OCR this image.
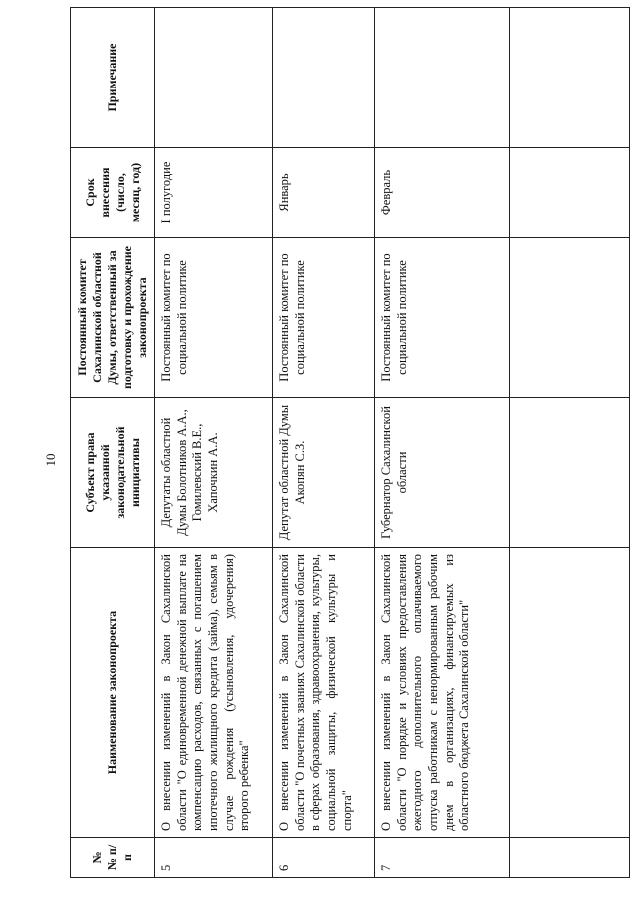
10
№ № п/п	Наименование законопроекта	Субъект права указанной законодательной инициативы	Постоянный комитет Сахалинской областной Думы, ответственный за подготовку и прохождение законопроекта	Срок внесения (число, месяц, год)	Примечание
5	О внесении изменений в Закон Сахалинской области "О единовременной денежной выплате на компенсацию расходов, связанных с погашением ипотечного жилищного кредита (займа), семьям в случае рождения (усыновления, удочерения) второго ребенка"	Депутаты областной Думы Болотников А.А., Гомилевский В.Е., Хапочкин А.А.	Постоянный комитет по социальной политике	I полугодие	
6	О внесении изменений в Закон Сахалинской области "О почетных званиях Сахалинской области в сферах образования, здравоохранения, культуры, социальной защиты, физической культуры и спорта"	Депутат областной Думы Акопян С.З.	Постоянный комитет по социальной политике	Январь	
7	О внесении изменений в Закон Сахалинской области "О порядке и условиях предоставления ежегодного дополнительного оплачиваемого отпуска работникам с ненормированным рабочим днем в организациях, финансируемых из областного бюджета Сахалинской области"	Губернатор Сахалинской области	Постоянный комитет по социальной политике	Февраль	
